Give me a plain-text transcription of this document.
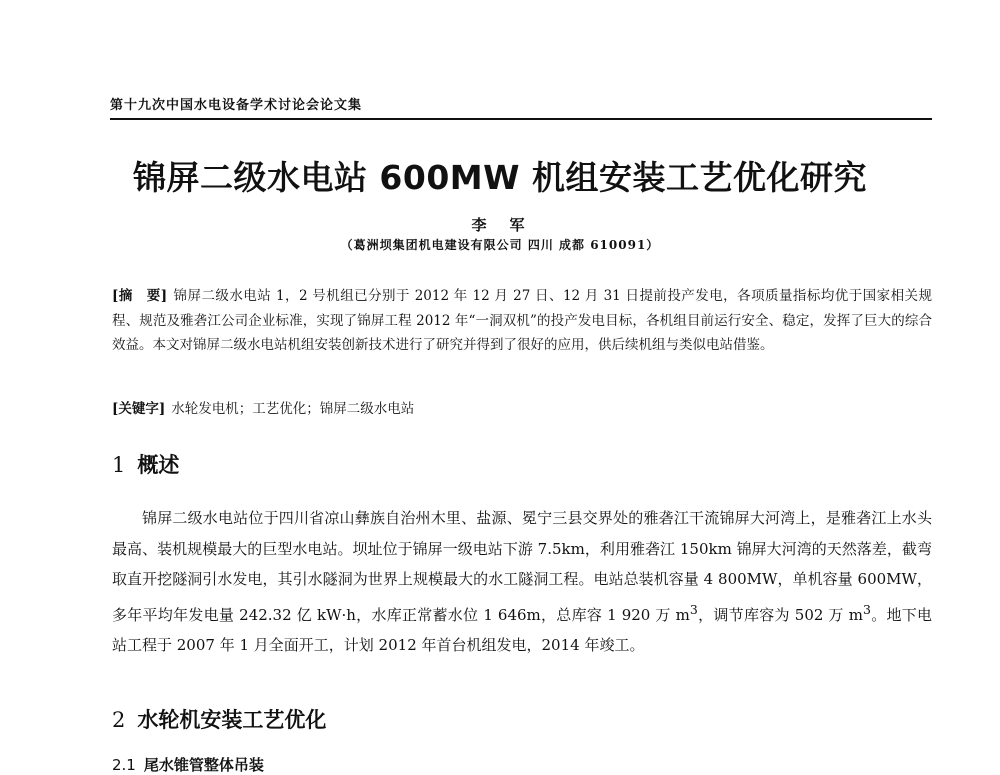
第十九次中国水电设备学术讨论会论文集
锦屏二级水电站 600MW 机组安装工艺优化研究
李　军
（葛洲坝集团机电建设有限公司 四川 成都 610091）
[摘　要] 锦屏二级水电站 1，2 号机组已分别于 2012 年 12 月 27 日、12 月 31 日提前投产发电，各项质量指标均优于国家相关规程、规范及雅砻江公司企业标准，实现了锦屏工程 2012 年“一洞双机”的投产发电目标，各机组目前运行安全、稳定，发挥了巨大的综合效益。本文对锦屏二级水电站机组安装创新技术进行了研究并得到了很好的应用，供后续机组与类似电站借鉴。
[关键字] 水轮发电机；工艺优化；锦屏二级水电站
1 概述
锦屏二级水电站位于四川省凉山彝族自治州木里、盐源、冕宁三县交界处的雅砻江干流锦屏大河湾上，是雅砻江上水头最高、装机规模最大的巨型水电站。坝址位于锦屏一级电站下游 7.5km，利用雅砻江 150km 锦屏大河湾的天然落差，截弯取直开挖隧洞引水发电，其引水隧洞为世界上规模最大的水工隧洞工程。电站总装机容量 4 800MW，单机容量 600MW，多年平均年发电量 242.32 亿 kW·h，水库正常蓄水位 1 646m，总库容 1 920 万 $m^3$，调节库容为 502 万 $m^3$。地下电站工程于 2007 年 1 月全面开工，计划 2012 年首台机组发电，2014 年竣工。
2 水轮机安装工艺优化
2.1 尾水锥管整体吊装
